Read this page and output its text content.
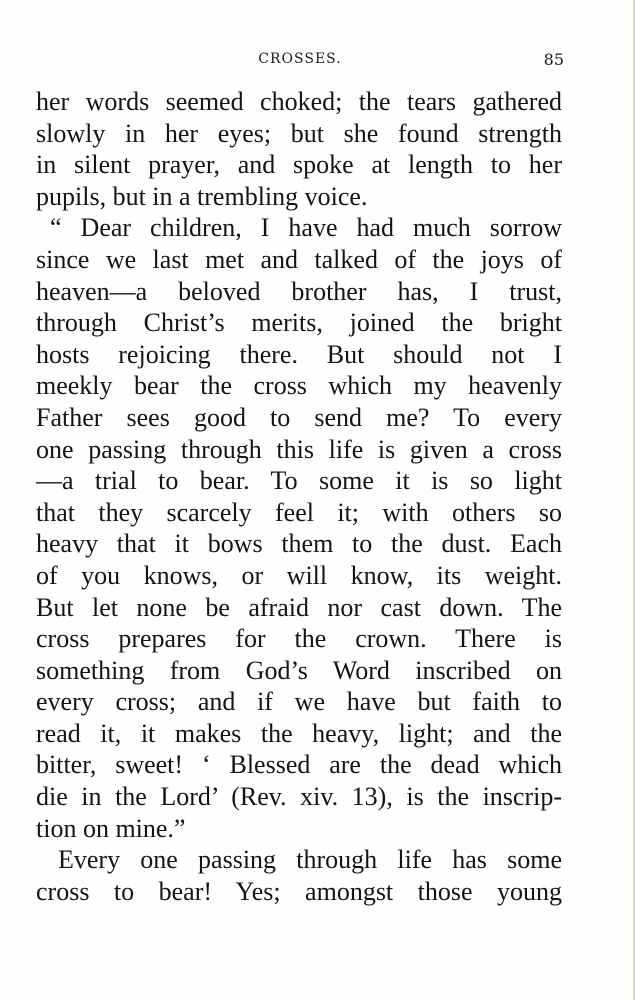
CROSSES.	85
her words seemed choked; the tears gathered
slowly in her eyes; but she found strength
in silent prayer, and spoke at length to her
pupils, but in a trembling voice.
“ Dear children, I have had much sorrow
since we last met and talked of the joys of
heaven—a beloved brother has, I trust,
through Christ’s merits, joined the bright
hosts rejoicing there. But should not I
meekly bear the cross which my heavenly
Father sees good to send me? To every
one passing through this life is given a cross
—a trial to bear. To some it is so light
that they scarcely feel it; with others so
heavy that it bows them to the dust. Each
of you knows, or will know, its weight.
But let none be afraid nor cast down. The
cross prepares for the crown. There is
something from God’s Word inscribed on
every cross; and if we have but faith to
read it, it makes the heavy, light; and the
bitter, sweet! ‘ Blessed are the dead which
die in the Lord’ (Rev. xiv. 13), is the inscrip-
tion on mine.”
Every one passing through life has some
cross to bear! Yes; amongst those young
